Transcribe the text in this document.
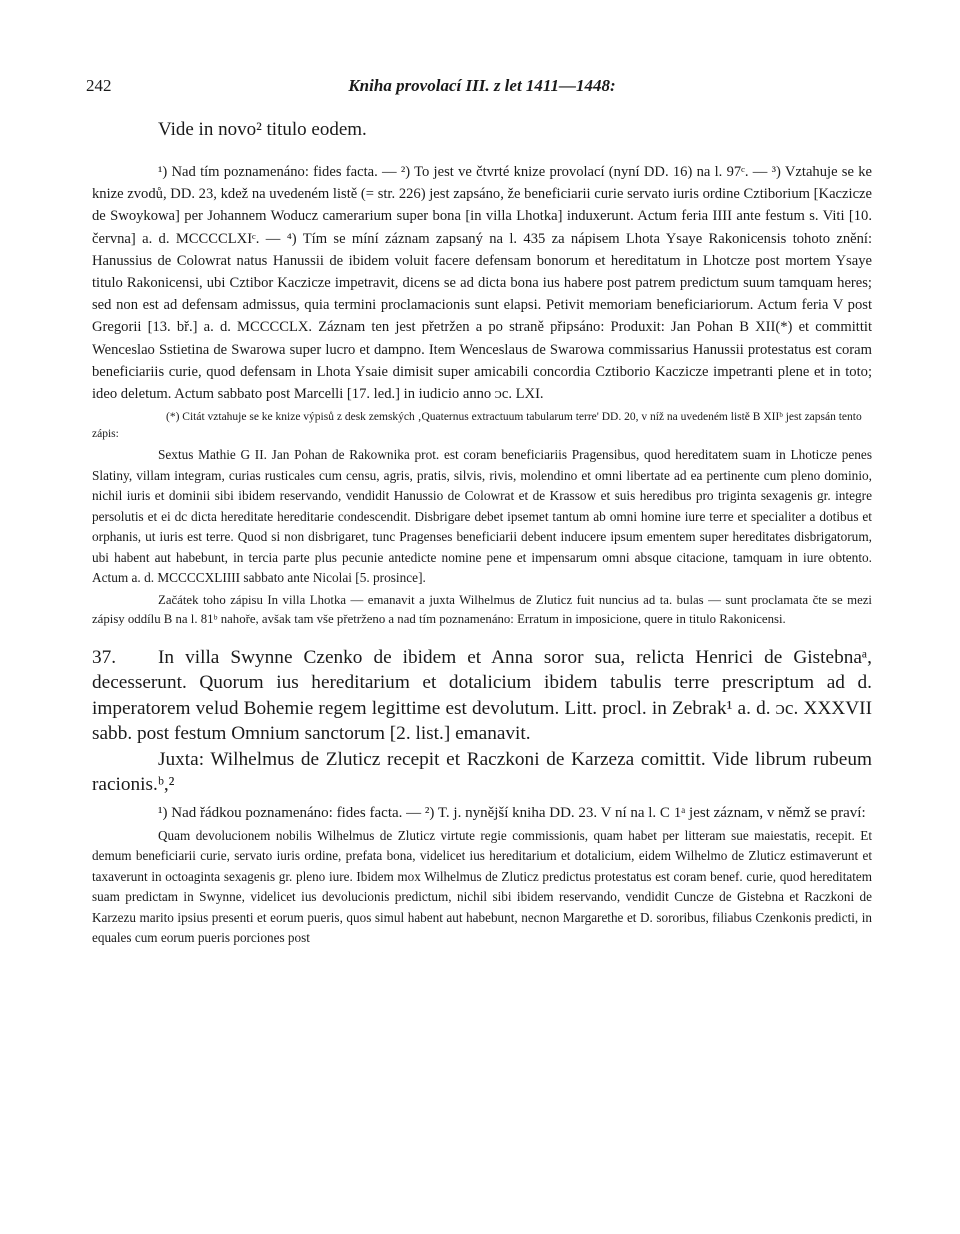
242	Kniha provolací III. z let 1411—1448:

Vide in novo² titulo eodem.

¹) Nad tím poznamenáno: fides facta. — ²) To jest ve čtvrté knize provolací (nyní DD. 16) na l. 97ᶜ. — ³) Vztahuje se ke knize zvodů, DD. 23, kdež na uvedeném listě (= str. 226) jest zapsáno, že beneficiarii curie servato iuris ordine Cztiborium [Kaczicze de Swoykowa] per Johannem Woducz camerarium super bona [in villa Lhotka] induxerunt. Actum feria IIII ante festum s. Viti [10. června] a. d. MCCCCLXIᶜ. — ⁴) Tím se míní záznam zapsaný na l. 435 za nápisem Lhota Ysaye Rakonicensis tohoto znění: Hanussius de Colowrat natus Hanussii de ibidem voluit facere defensam bonorum et hereditatum in Lhotcze post mortem Ysaye titulo Rakonicensi, ubi Cztibor Kaczicze impetravit, dicens se ad dicta bona ius habere post patrem predictum suum tamquam heres; sed non est ad defensam admissus, quia termini proclamacionis sunt elapsi. Petivit memoriam beneficiariorum. Actum feria V post Gregorii [13. bř.] a. d. MCCCCLX. Záznam ten jest přetržen a po straně připsáno: Produxit: Jan Pohan B XII(*) et committit Wenceslao Sstietina de Swarowa super lucro et dampno. Item Wenceslaus de Swarowa commissarius Hanussii protestatus est coram beneficiariis curie, quod defensam in Lhota Ysaie dimisit super amicabili concordia Cztiborio Kaczicze impetranti plene et in toto; ideo deletum. Actum sabbato post Marcelli [17. led.] in iudicio anno ᴐc. LXI.

(*) Citát vztahuje se ke knize výpisů z desk zemských ‚Quaternus extractuum tabularum terre' DD. 20, v níž na uvedeném listě B XIIᵇ jest zapsán tento zápis:

Sextus Mathie G II. Jan Pohan de Rakownika prot. est coram beneficiariis Pragensibus, quod hereditatem suam in Lhoticze penes Slatiny, villam integram, curias rusticales cum censu, agris, pratis, silvis, rivis, molendino et omni libertate ad ea pertinente cum pleno dominio, nichil iuris et dominii sibi ibidem reservando, vendidit Hanussio de Colowrat et de Krassow et suis heredibus pro triginta sexagenis gr. integre persolutis et ei dc dicta hereditate hereditarie condescendit. Disbrigare debet ipsemet tantum ab omni homine iure terre et specialiter a dotibus et orphanis, ut iuris est terre. Quod si non disbrigaret, tunc Pragenses beneficiarii debent inducere ipsum ementem super hereditates disbrigatorum, ubi habent aut habebunt, in tercia parte plus pecunie antedicte nomine pene et impensarum omni absque citacione, tamquam in iure obtento. Actum a. d. MCCCCXLIIII sabbato ante Nicolai [5. prosince].

Začátek toho zápisu In villa Lhotka — emanavit a juxta Wilhelmus de Zluticz fuit nuncius ad ta. bulas — sunt proclamata čte se mezi zápisy oddílu B na l. 81ᵇ nahoře, avšak tam vše přetrženo a nad tím poznamenáno: Erratum in imposicione, quere in titulo Rakonicensi.

37. In villa Swynne Czenko de ibidem et Anna soror sua, relicta Henrici de Gistebnaᵃ, decesserunt. Quorum ius hereditarium et dotalicium ibidem tabulis terre prescriptum ad d. imperatorem velud Bohemie regem legittime est devolutum. Litt. procl. in Zebrak¹ a. d. ᴐc. XXXVII sabb. post festum Omnium sanctorum [2. list.] emanavit.

Juxta: Wilhelmus de Zluticz recepit et Raczkoni de Karzeza comittit. Vide librum rubeum racionis.ᵇ,²

¹) Nad řádkou poznamenáno: fides facta. — ²) T. j. nynější kniha DD. 23. V ní na l. C 1ᵃ jest záznam, v němž se praví:

Quam devolucionem nobilis Wilhelmus de Zluticz virtute regie commissionis, quam habet per litteram sue maiestatis, recepit. Et demum beneficiarii curie, servato iuris ordine, prefata bona, videlicet ius hereditarium et dotalicium, eidem Wilhelmo de Zluticz estimaverunt et taxaverunt in octoaginta sexagenis gr. pleno iure. Ibidem mox Wilhelmus de Zluticz predictus protestatus est coram benef. curie, quod hereditatem suam predictam in Swynne, videlicet ius devolucionis predictum, nichil sibi ibidem reservando, vendidit Cuncze de Gistebna et Raczkoni de Karzezu marito ipsius presenti et eorum pueris, quos simul habent aut habebunt, necnon Margarethe et D. sororibus, filiabus Czenkonis predicti, in equales cum eorum pueris porciones post
